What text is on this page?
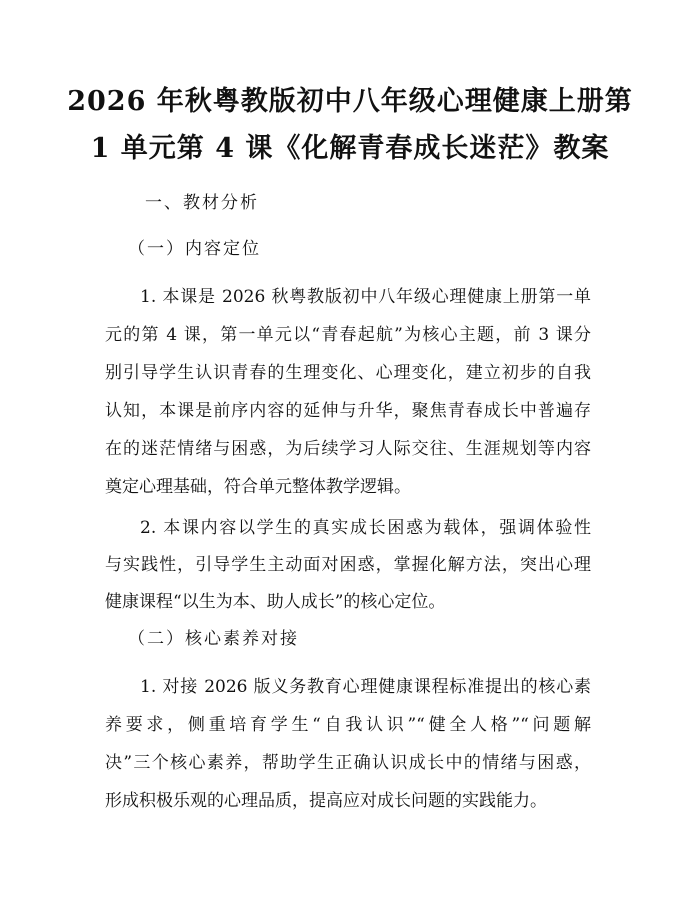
2026 年秋粤教版初中八年级心理健康上册第
1 单元第 4 课《化解青春成长迷茫》教案
一、教材分析
（一）内容定位
1. 本课是 2026 秋粤教版初中八年级心理健康上册第一单
元的第 4 课，第一单元以“青春起航”为核心主题，前 3 课分
别引导学生认识青春的生理变化、心理变化，建立初步的自我
认知，本课是前序内容的延伸与升华，聚焦青春成长中普遍存
在的迷茫情绪与困惑，为后续学习人际交往、生涯规划等内容
奠定心理基础，符合单元整体教学逻辑。
2. 本课内容以学生的真实成长困惑为载体，强调体验性
与实践性，引导学生主动面对困惑，掌握化解方法，突出心理
健康课程“以生为本、助人成长”的核心定位。
（二）核心素养对接
1. 对接 2026 版义务教育心理健康课程标准提出的核心素
养要求，侧重培育学生“自我认识”“健全人格”“问题解
决”三个核心素养，帮助学生正确认识成长中的情绪与困惑，
形成积极乐观的心理品质，提高应对成长问题的实践能力。
